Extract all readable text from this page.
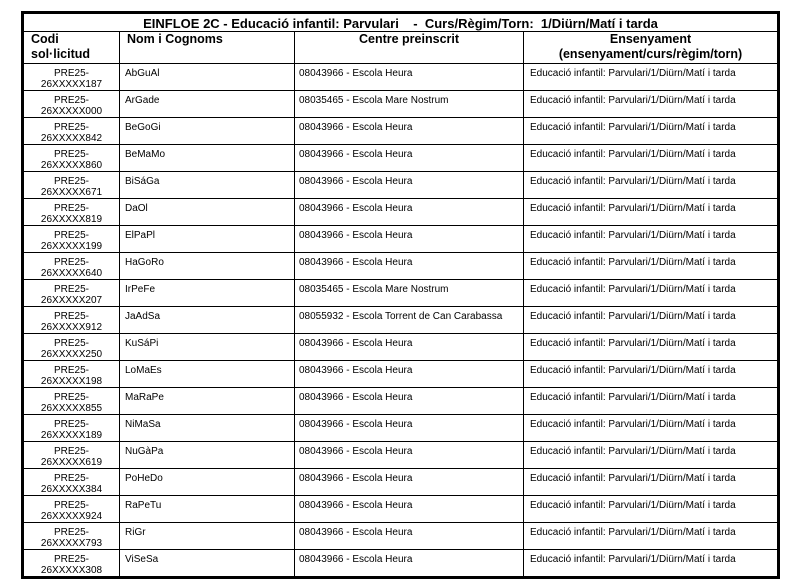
EINFLOE 2C - Educació infantil: Parvulari    -  Curs/Règim/Torn:  1/Diürn/Matí i tarda			
Codi
sol·licitud	Nom i Cognoms	Centre preinscrit	Ensenyament
(ensenyament/curs/règim/torn)

PRE25-
26XXXXX187	AbGuAl	08043966 - Escola Heura	Educació infantil: Parvulari/1/Diürn/Matí i tarda

PRE25-
26XXXXX000	ArGade	08035465 - Escola Mare Nostrum	Educació infantil: Parvulari/1/Diürn/Matí i tarda

PRE25-
26XXXXX842	BeGoGi	08043966 - Escola Heura	Educació infantil: Parvulari/1/Diürn/Matí i tarda

PRE25-
26XXXXX860	BeMaMo	08043966 - Escola Heura	Educació infantil: Parvulari/1/Diürn/Matí i tarda

PRE25-
26XXXXX671	BiSáGa	08043966 - Escola Heura	Educació infantil: Parvulari/1/Diürn/Matí i tarda

PRE25-
26XXXXX819	DaOl	08043966 - Escola Heura	Educació infantil: Parvulari/1/Diürn/Matí i tarda

PRE25-
26XXXXX199	ElPaPl	08043966 - Escola Heura	Educació infantil: Parvulari/1/Diürn/Matí i tarda

PRE25-
26XXXXX640	HaGoRo	08043966 - Escola Heura	Educació infantil: Parvulari/1/Diürn/Matí i tarda

PRE25-
26XXXXX207	IrPeFe	08035465 - Escola Mare Nostrum	Educació infantil: Parvulari/1/Diürn/Matí i tarda

PRE25-
26XXXXX912	JaAdSa	08055932 - Escola Torrent de Can Carabassa	Educació infantil: Parvulari/1/Diürn/Matí i tarda

PRE25-
26XXXXX250	KuSáPi	08043966 - Escola Heura	Educació infantil: Parvulari/1/Diürn/Matí i tarda

PRE25-
26XXXXX198	LoMaEs	08043966 - Escola Heura	Educació infantil: Parvulari/1/Diürn/Matí i tarda

PRE25-
26XXXXX855	MaRaPe	08043966 - Escola Heura	Educació infantil: Parvulari/1/Diürn/Matí i tarda

PRE25-
26XXXXX189	NiMaSa	08043966 - Escola Heura	Educació infantil: Parvulari/1/Diürn/Matí i tarda

PRE25-
26XXXXX619	NuGàPa	08043966 - Escola Heura	Educació infantil: Parvulari/1/Diürn/Matí i tarda

PRE25-
26XXXXX384	PoHeDo	08043966 - Escola Heura	Educació infantil: Parvulari/1/Diürn/Matí i tarda

PRE25-
26XXXXX924	RaPeTu	08043966 - Escola Heura	Educació infantil: Parvulari/1/Diürn/Matí i tarda

PRE25-
26XXXXX793	RiGr	08043966 - Escola Heura	Educació infantil: Parvulari/1/Diürn/Matí i tarda

PRE25-
26XXXXX308	ViSeSa	08043966 - Escola Heura	Educació infantil: Parvulari/1/Diürn/Matí i tarda
